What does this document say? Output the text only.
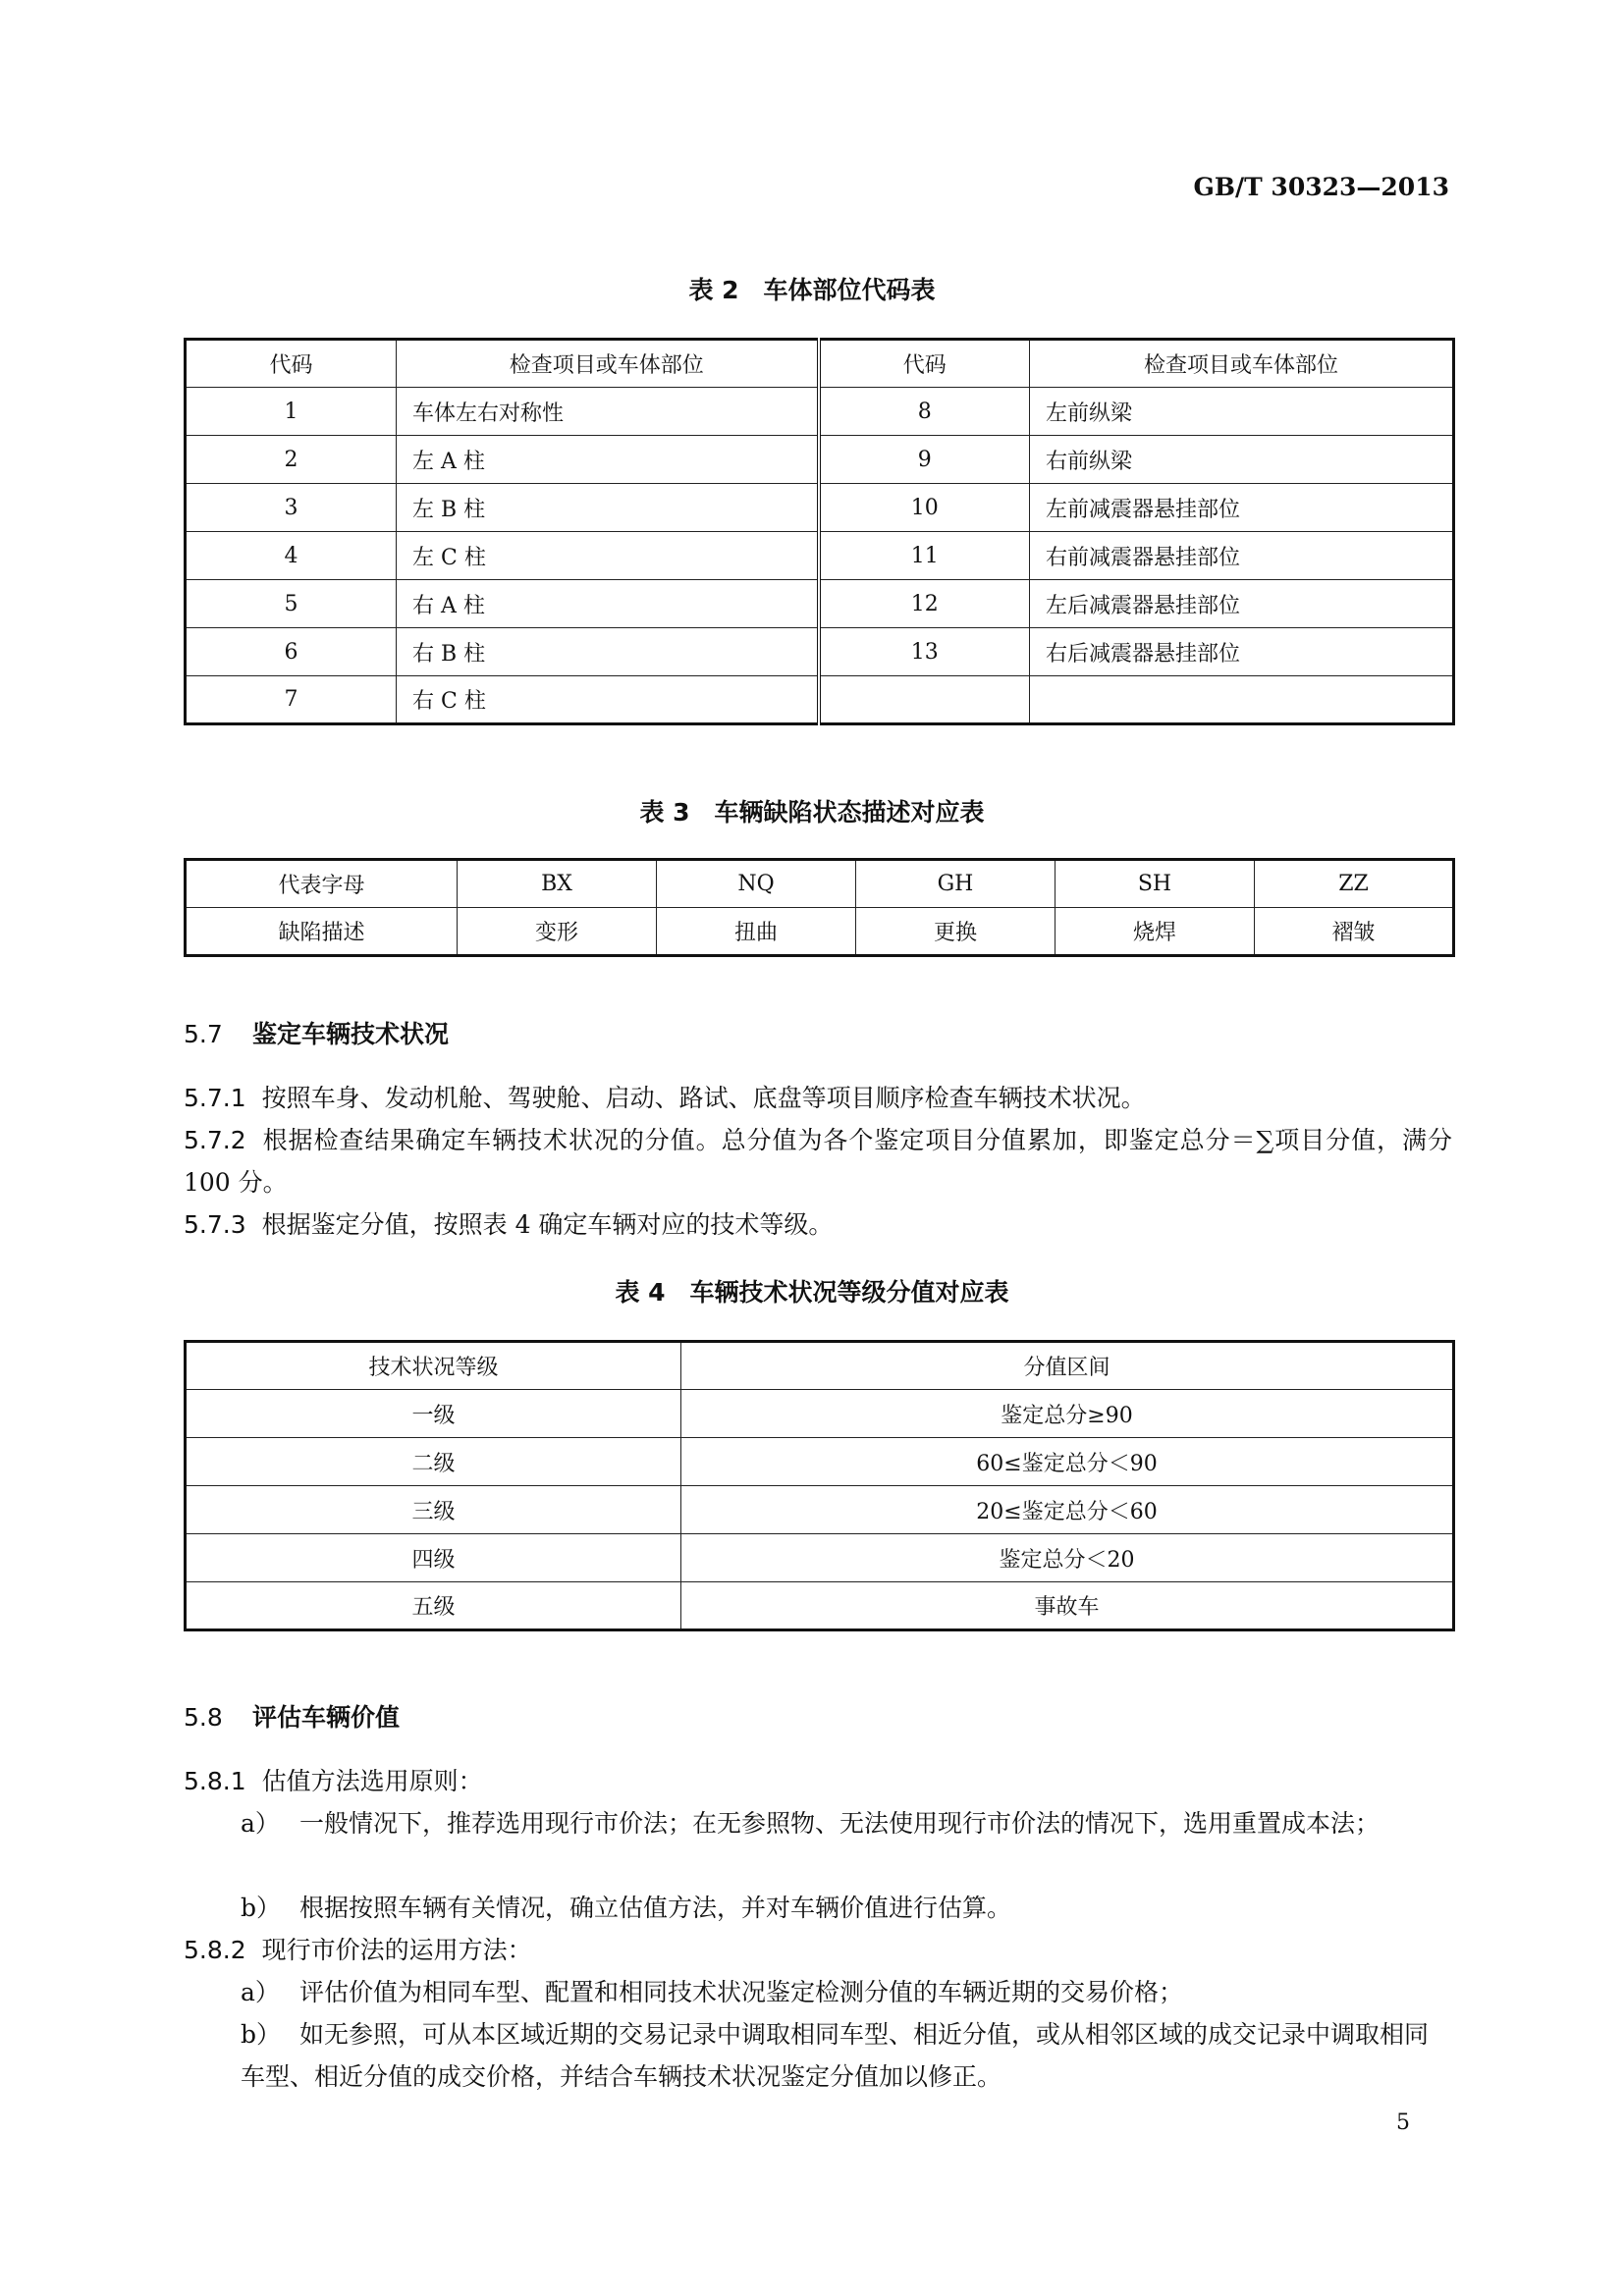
GB/T 30323—2013
表 2　车体部位代码表
代码	检查项目或车体部位	代码	检查项目或车体部位
1	车体左右对称性	8	左前纵梁
2	左 A 柱	9	右前纵梁
3	左 B 柱	10	左前减震器悬挂部位
4	左 C 柱	11	右前减震器悬挂部位
5	右 A 柱	12	左后减震器悬挂部位
6	右 B 柱	13	右后减震器悬挂部位
7	右 C 柱		
表 3　车辆缺陷状态描述对应表
代表字母	BX	NQ	GH	SH	ZZ
缺陷描述	变形	扭曲	更换	烧焊	褶皱
5.7 鉴定车辆技术状况
5.7.1 按照车身、发动机舱、驾驶舱、启动、路试、底盘等项目顺序检查车辆技术状况。
5.7.2 根据检查结果确定车辆技术状况的分值。总分值为各个鉴定项目分值累加，即鉴定总分＝∑项目分值，满分 100 分。
5.7.3 根据鉴定分值，按照表 4 确定车辆对应的技术等级。
表 4　车辆技术状况等级分值对应表
技术状况等级	分值区间
一级	鉴定总分≥90
二级	60≤鉴定总分＜90
三级	20≤鉴定总分＜60
四级	鉴定总分＜20
五级	事故车
5.8 评估车辆价值
5.8.1 估值方法选用原则：
a） 一般情况下，推荐选用现行市价法；在无参照物、无法使用现行市价法的情况下，选用重置成本法；
b） 根据按照车辆有关情况，确立估值方法，并对车辆价值进行估算。
5.8.2 现行市价法的运用方法：
a） 评估价值为相同车型、配置和相同技术状况鉴定检测分值的车辆近期的交易价格；
b） 如无参照，可从本区域近期的交易记录中调取相同车型、相近分值，或从相邻区域的成交记录中调取相同车型、相近分值的成交价格，并结合车辆技术状况鉴定分值加以修正。
5
